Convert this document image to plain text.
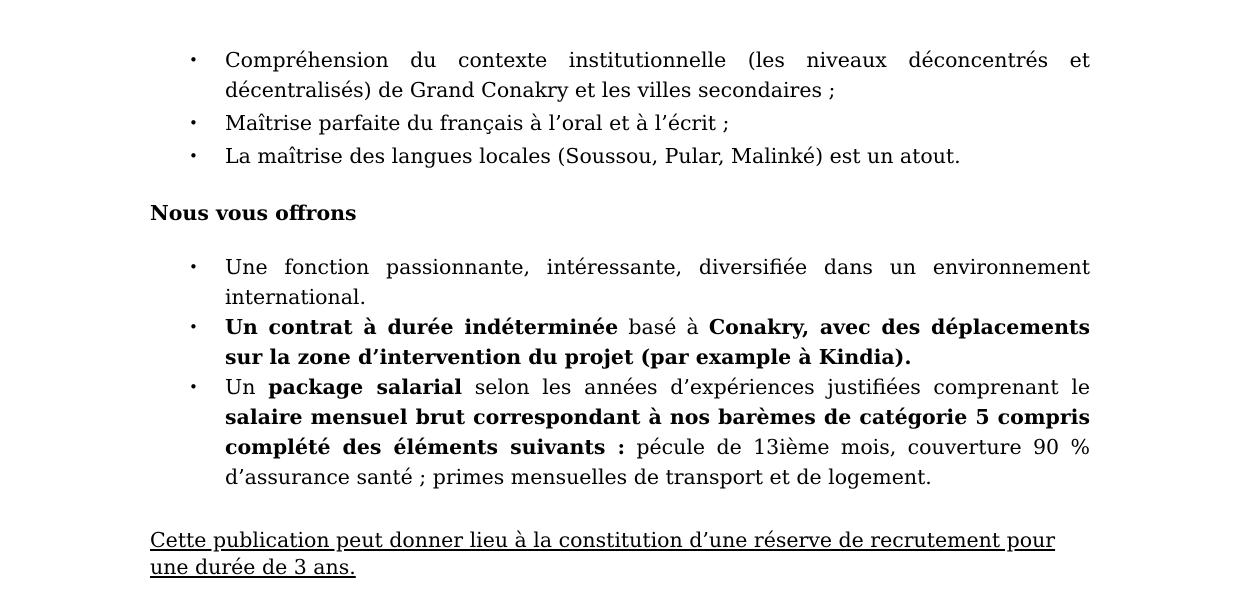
• Compréhension du contexte institutionnelle (les niveaux déconcentrés et décentralisés) de Grand Conakry et les villes secondaires ;
• Maîtrise parfaite du français à l’oral et à l’écrit ;
• La maîtrise des langues locales (Soussou, Pular, Malinké) est un atout.
Nous vous offrons
• Une fonction passionnante, intéressante, diversifiée dans un environnement international.
• Un contrat à durée indéterminée basé à Conakry, avec des déplacements sur la zone d’intervention du projet (par example à Kindia).
• Un package salarial selon les années d’expériences justifiées comprenant le salaire mensuel brut correspondant à nos barèmes de catégorie 5 compris complété des éléments suivants : pécule de 13ième mois, couverture 90 % d’assurance santé ; primes mensuelles de transport et de logement.
Cette publication peut donner lieu à la constitution d’une réserve de recrutement pour une durée de 3 ans.
